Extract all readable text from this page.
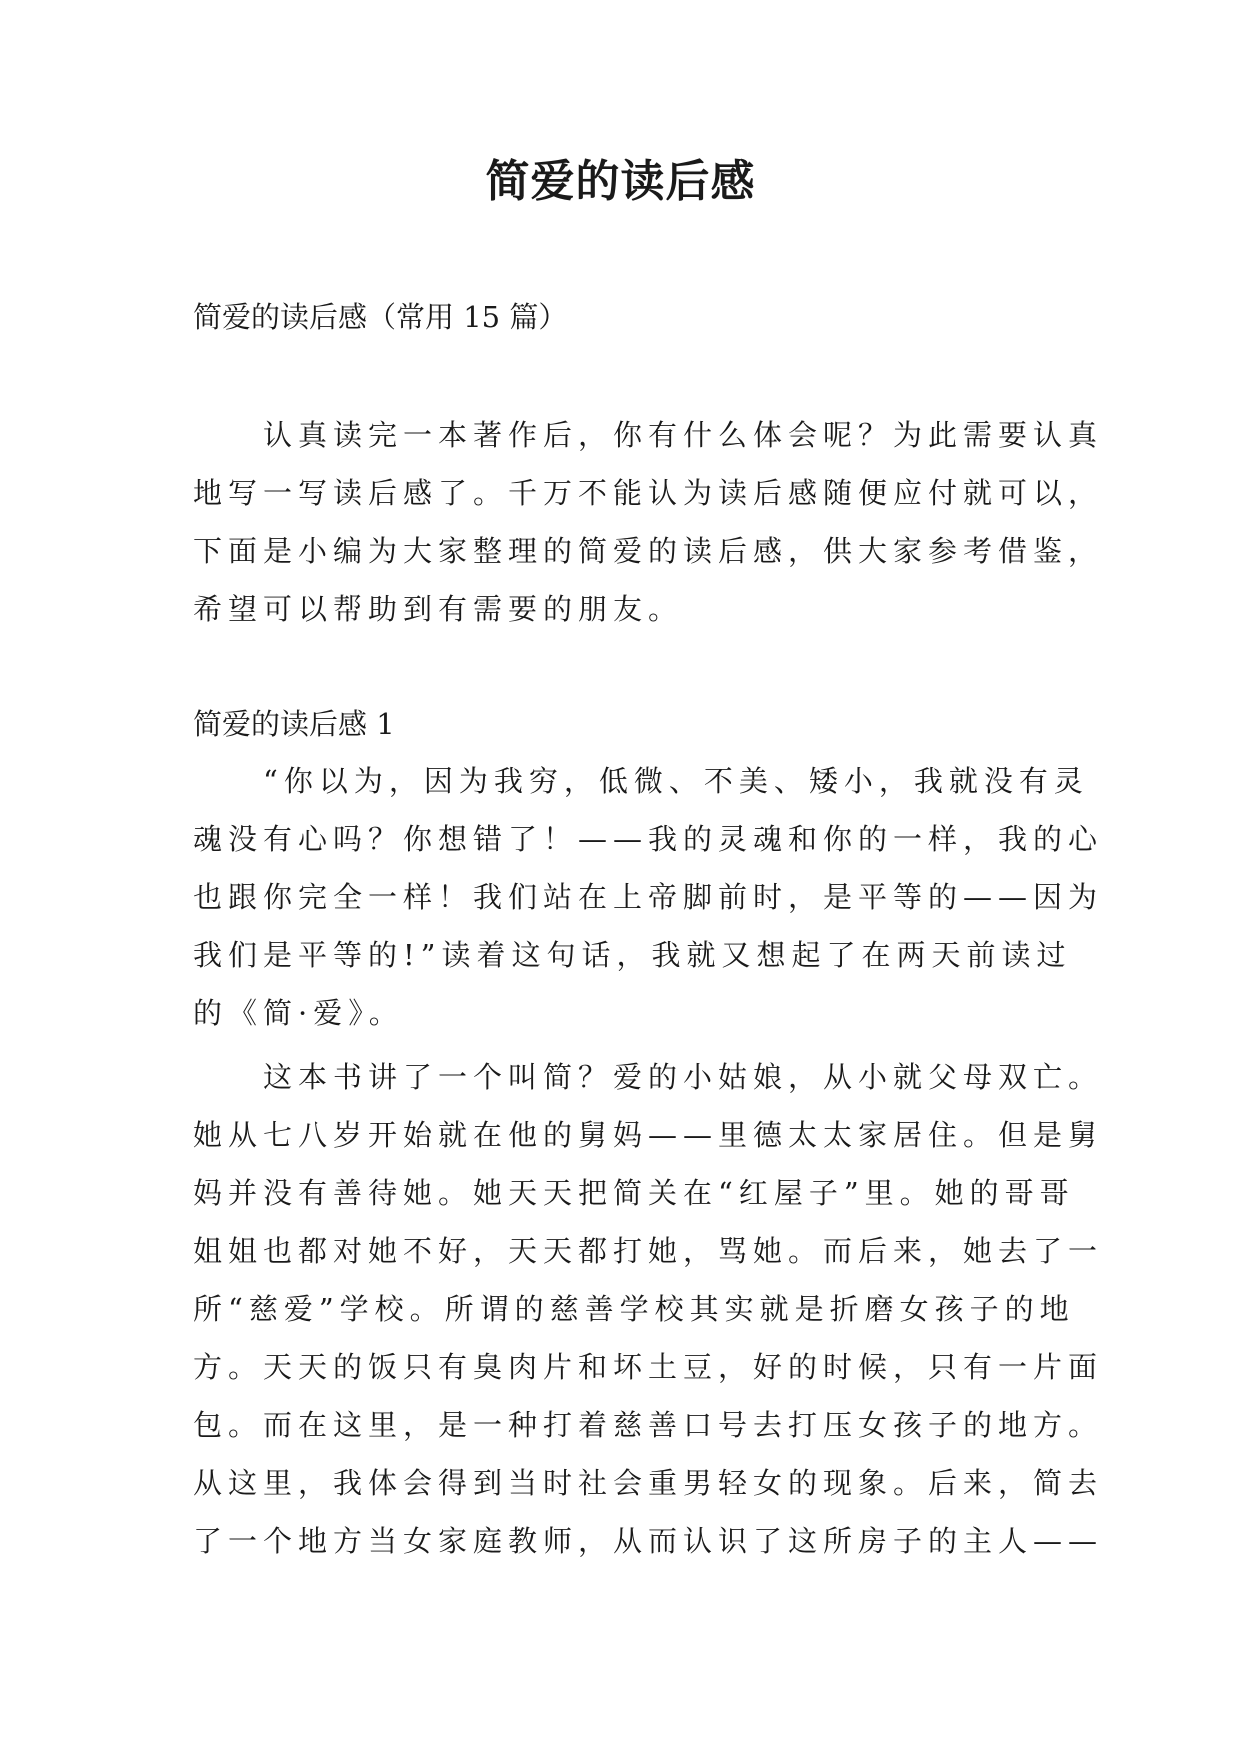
简爱的读后感

简爱的读后感（常用 15 篇）

认真读完一本著作后，你有什么体会呢？为此需要认真
地写一写读后感了。千万不能认为读后感随便应付就可以，
下面是小编为大家整理的简爱的读后感，供大家参考借鉴，
希望可以帮助到有需要的朋友。
简爱的读后感 1
“你以为，因为我穷，低微、不美、矮小，我就没有灵
魂没有心吗？你想错了！——我的灵魂和你的一样，我的心
也跟你完全一样！我们站在上帝脚前时，是平等的——因为
我们是平等的!”读着这句话，我就又想起了在两天前读过
的《简·爱》。
这本书讲了一个叫简？爱的小姑娘，从小就父母双亡。
她从七八岁开始就在他的舅妈——里德太太家居住。但是舅
妈并没有善待她。她天天把简关在“红屋子”里。她的哥哥
姐姐也都对她不好，天天都打她，骂她。而后来，她去了一
所“慈爱”学校。所谓的慈善学校其实就是折磨女孩子的地
方。天天的饭只有臭肉片和坏土豆，好的时候，只有一片面
包。而在这里，是一种打着慈善口号去打压女孩子的地方。
从这里，我体会得到当时社会重男轻女的现象。后来，简去
了一个地方当女家庭教师，从而认识了这所房子的主人——
